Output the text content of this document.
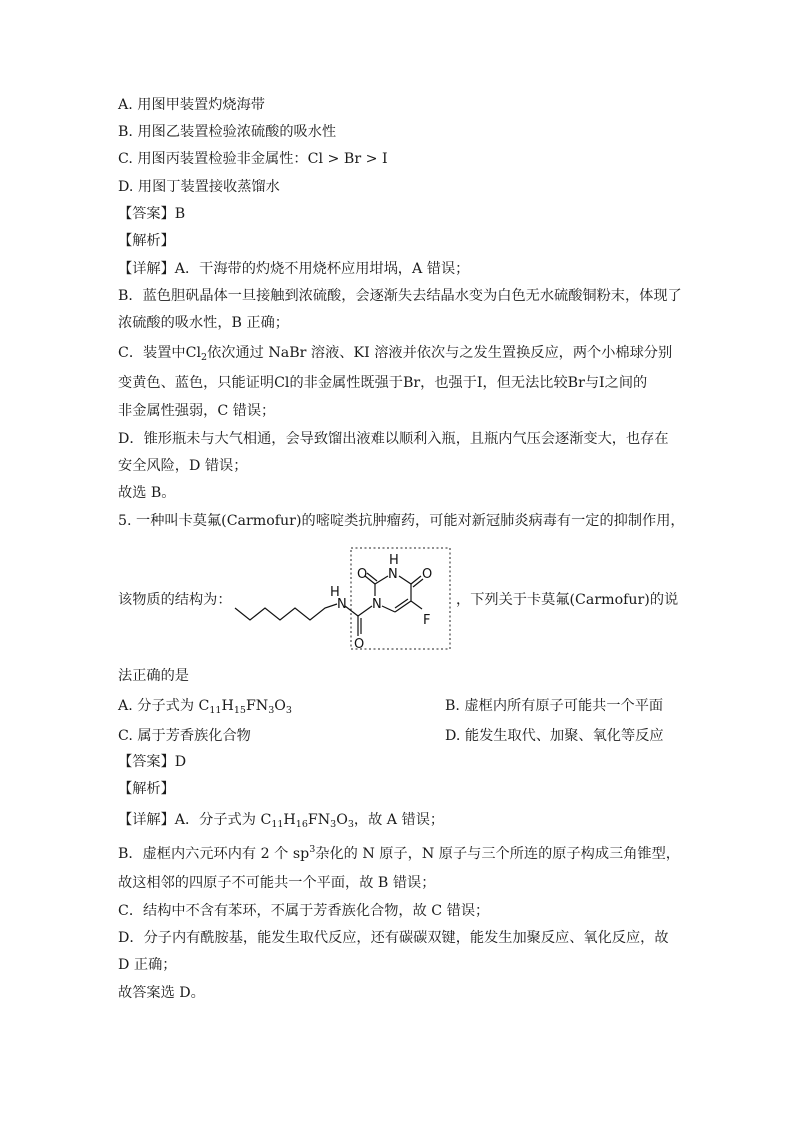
A. 用图甲装置灼烧海带
B. 用图乙装置检验浓硫酸的吸水性
C. 用图丙装置检验非金属性：Cl > Br > I
D. 用图丁装置接收蒸馏水
【答案】B
【解析】
【详解】A．干海带的灼烧不用烧杯应用坩埚，A 错误；
B．蓝色胆矾晶体一旦接触到浓硫酸，会逐渐失去结晶水变为白色无水硫酸铜粉末，体现了
浓硫酸的吸水性，B 正确；
C．装置中$Cl_2$依次通过 NaBr 溶液、KI 溶液并依次与之发生置换反应，两个小棉球分别
变黄色、蓝色，只能证明Cl的非金属性既强于Br，也强于I，但无法比较Br与I之间的
非金属性强弱，C 错误；
D．锥形瓶未与大气相通，会导致馏出液难以顺利入瓶，且瓶内气压会逐渐变大，也存在
安全风险，D 错误；
故选 B。
5. 一种叫卡莫氟(Carmofur)的嘧啶类抗肿瘤药，可能对新冠肺炎病毒有一定的抑制作用，
该物质的结构为：	N
H
O
N
O N
H
O
F
，下列关于卡莫氟(Carmofur)的说
法正确的是
A. 分子式为 $C_{11}H_{15}FN_3O_3$	B. 虚框内所有原子可能共一个平面
C. 属于芳香族化合物	D. 能发生取代、加聚、氧化等反应
【答案】D
【解析】
【详解】A．分子式为 $C_{11}H_{16}FN_3O_3$，故 A 错误；
B．虚框内六元环内有 2 个 $sp^3$杂化的 N 原子，N 原子与三个所连的原子构成三角锥型，
故这相邻的四原子不可能共一个平面，故 B 错误；
C．结构中不含有苯环，不属于芳香族化合物，故 C 错误；
D．分子内有酰胺基，能发生取代反应，还有碳碳双键，能发生加聚反应、氧化反应，故
D 正确；
故答案选 D。
